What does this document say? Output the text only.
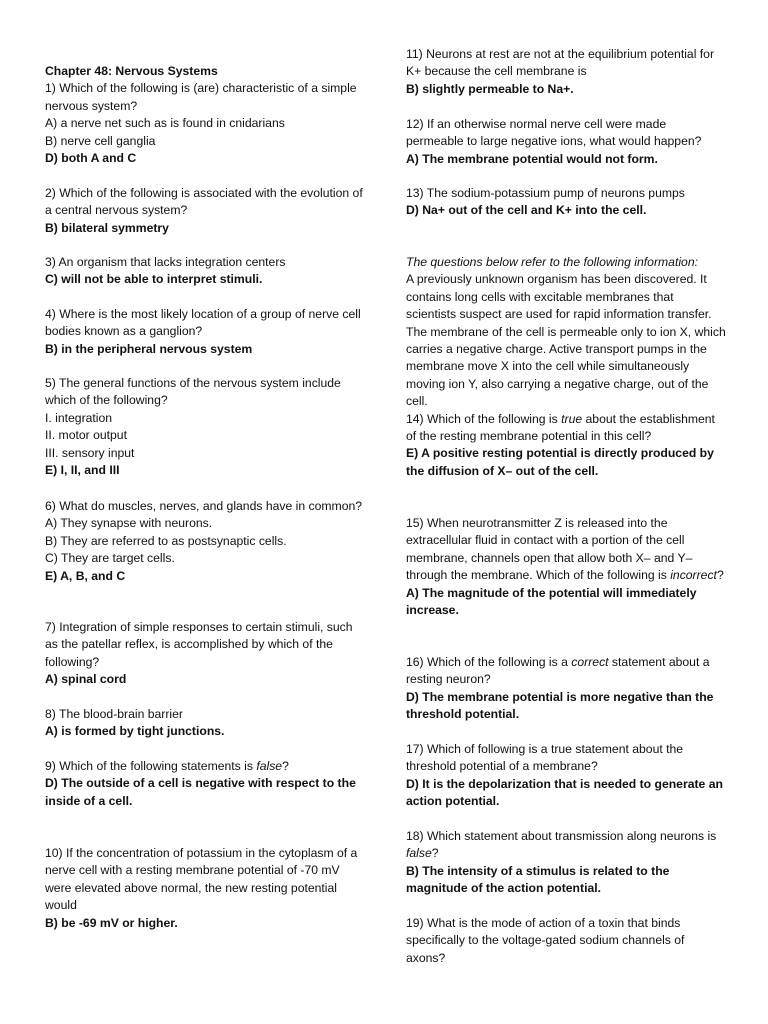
Chapter 48: Nervous Systems
1) Which of the following is (are) characteristic of a simple nervous system?
A) a nerve net such as is found in cnidarians
B) nerve cell ganglia
D) both A and C
2) Which of the following is associated with the evolution of a central nervous system?
B) bilateral symmetry
3) An organism that lacks integration centers
C) will not be able to interpret stimuli.
4) Where is the most likely location of a group of nerve cell bodies known as a ganglion?
B) in the peripheral nervous system
5) The general functions of the nervous system include which of the following?
I. integration
II. motor output
III. sensory input
E) I, II, and III
6) What do muscles, nerves, and glands have in common?
A) They synapse with neurons.
B) They are referred to as postsynaptic cells.
C) They are target cells.
E) A, B, and C
7) Integration of simple responses to certain stimuli, such as the patellar reflex, is accomplished by which of the following?
A) spinal cord
8) The blood-brain barrier
A) is formed by tight junctions.
9) Which of the following statements is false?
D) The outside of a cell is negative with respect to the inside of a cell.
10) If the concentration of potassium in the cytoplasm of a nerve cell with a resting membrane potential of -70 mV were elevated above normal, the new resting potential would
B) be -69 mV or higher.
11) Neurons at rest are not at the equilibrium potential for K+ because the cell membrane is
B) slightly permeable to Na+.
12) If an otherwise normal nerve cell were made permeable to large negative ions, what would happen?
A) The membrane potential would not form.
13) The sodium-potassium pump of neurons pumps
D) Na+ out of the cell and K+ into the cell.
The questions below refer to the following information:
A previously unknown organism has been discovered. It contains long cells with excitable membranes that scientists suspect are used for rapid information transfer. The membrane of the cell is permeable only to ion X, which carries a negative charge. Active transport pumps in the membrane move X into the cell while simultaneously moving ion Y, also carrying a negative charge, out of the cell.
14) Which of the following is true about the establishment of the resting membrane potential in this cell?
E) A positive resting potential is directly produced by the diffusion of X– out of the cell.
15) When neurotransmitter Z is released into the extracellular fluid in contact with a portion of the cell membrane, channels open that allow both X– and Y– through the membrane. Which of the following is incorrect?
A) The magnitude of the potential will immediately increase.
16) Which of the following is a correct statement about a resting neuron?
D) The membrane potential is more negative than the threshold potential.
17) Which of following is a true statement about the threshold potential of a membrane?
D) It is the depolarization that is needed to generate an action potential.
18) Which statement about transmission along neurons is false?
B) The intensity of a stimulus is related to the magnitude of the action potential.
19) What is the mode of action of a toxin that binds specifically to the voltage-gated sodium channels of axons?
